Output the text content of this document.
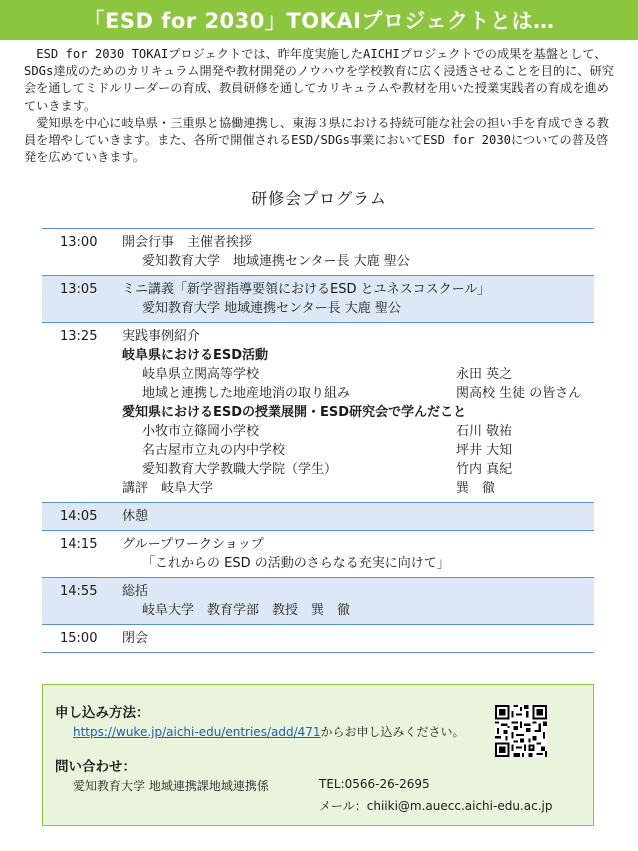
「ESD for 2030」TOKAIプロジェクトとは…

ESD for 2030 TOKAIプロジェクトでは、昨年度実施したAICHIプロジェクトでの成果を基盤として、SDGs達成のためのカリキュラム開発や教材開発のノウハウを学校教育に広く浸透させることを目的に、研究会を通してミドルリーダーの育成、教員研修を通してカリキュラムや教材を用いた授業実践者の育成を進めていきます。

愛知県を中心に岐阜県・三重県と協働連携し、東海３県における持続可能な社会の担い手を育成できる教員を増やしていきます。また、各所で開催されるESD/SDGs事業においてESD for 2030についての普及啓発を広めていきます。

研修会プログラム
13:00	開会行事　主催者挨拶
愛知教育大学　地域連携センター長 大鹿 聖公
13:05	ミニ講義「新学習指導要領におけるESD とユネスコスクール」
愛知教育大学 地域連携センター長 大鹿 聖公
13:25	実践事例紹介
岐阜県におけるESD活動
岐阜県立関高等学校	永田 英之
地域と連携した地産地消の取り組み	関高校 生徒 の皆さん
愛知県におけるESDの授業展開・ESD研究会で学んだこと
小牧市立篠岡小学校	石川 敬祐
名古屋市立丸の内中学校	坪井 大知
愛知教育大学教職大学院（学生）	竹内 真紀
講評　岐阜大学	巽　徹
14:05	休憩
14:15	グループワークショップ
「これからの ESD の活動のさらなる充実に向けて」
14:55	総括
岐阜大学　教育学部　教授　巽　徹
15:00	閉会
申し込み方法：
https://wuke.jp/aichi-edu/entries/add/471からお申し込みください。
問い合わせ：
愛知教育大学 地域連携課地域連携係	TEL:0566-26-2695
メール：chiiki@m.auecc.aichi-edu.ac.jp
